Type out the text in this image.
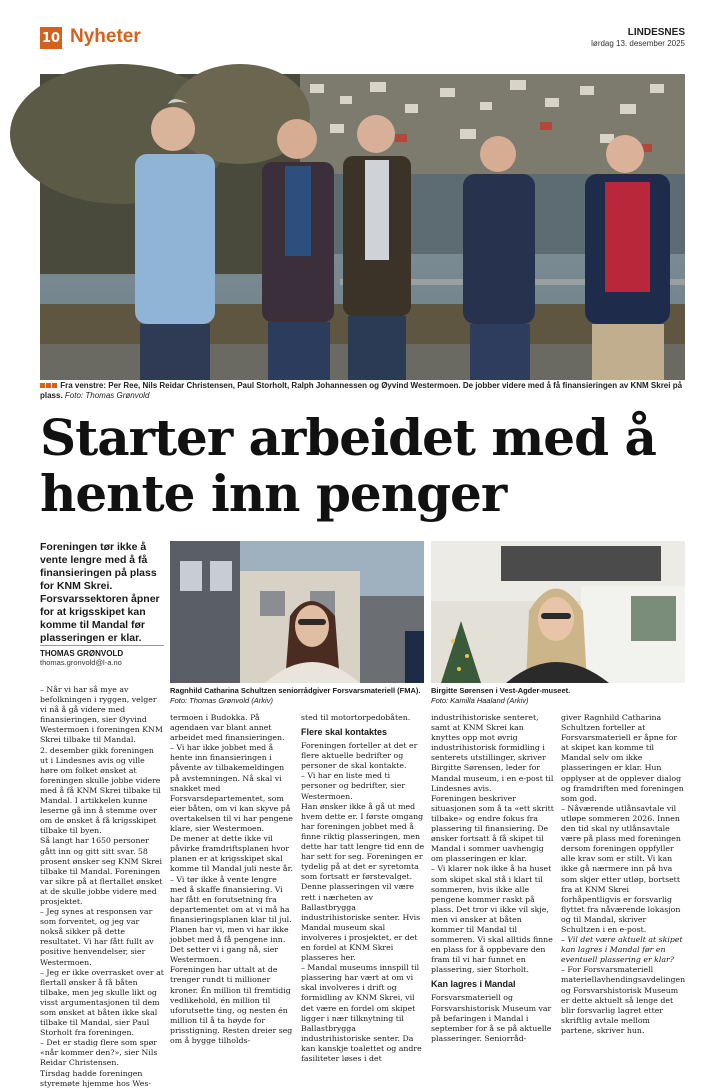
10 Nyheter	LINDESNES
lørdag 13. desember 2025
Fra venstre: Per Ree, Nils Reidar Christensen, Paul Storholt, Ralph Johannessen og Øyvind Westermoen. De jobber videre med å få finansieringen av KNM Skrei på plass. Foto: Thomas Grønvold
Starter arbeidet med å hente inn penger
Foreningen tør ikke å vente lengre med å få finansieringen på plass for KNM Skrei. Forsvarssektoren åpner for at krigsskipet kan komme til Mandal før plasseringen er klar.
THOMAS GRØNVOLD
thomas.gronvold@l-a.no
Ragnhild Catharina Schultzen seniorrådgiver Forsvarsmateriell (FMA). Foto: Thomas Grønvold (Arkiv)
Birgitte Sørensen i Vest-Agder-museet.
Foto: Kamilla Haaland (Arkiv)

– Når vi har så mye av befolkningen i ryggen, velger vi nå å gå videre med finansieringen, sier Øyvind Westermoen i foreningen KNM Skrei tilbake til Mandal.

2. desember gikk foreningen ut i Lindesnes avis og ville høre om folket ønsket at foreningen skulle jobbe videre med å få KNM Skrei tilbake til Mandal. I artikkelen kunne leserne gå inn å stemme over om de ønsket å få krigsskipet tilbake til byen.

Så langt har 1650 personer gått inn og gitt sitt svar. 58 prosent ønsker seg KNM Skrei tilbake til Mandal. Foreningen var sikre på at flertallet ønsket at de skulle jobbe videre med prosjektet.

– Jeg synes at responsen var som forventet, og jeg var nokså sikker på dette resultatet. Vi har fått fullt av positive henvendelser, sier Westermoen.

– Jeg er ikke overrasket over at flertall ønsker å få båten tilbake, men jeg skulle likt og visst argumentasjonen til dem som ønsket at båten ikke skal tilbake til Mandal, sier Paul Storholt fra foreningen.

– Det er stadig flere som spør «når kommer den?», sier Nils Reidar Christensen.

Tirsdag hadde foreningen styremøte hjemme hos Wes-

termoen i Budokka. På agendaen var blant annet arbeidet med finansieringen.

– Vi har ikke jobbet med å hente inn finansieringen i påvente av tilbakemeldingen på avstemningen. Nå skal vi snakket med Forsvarsdepartementet, som eier båten, om vi kan skyve på overtakelsen til vi har pengene klare, sier Westermoen.

De mener at dette ikke vil påvirke framdriftsplanen hvor planen er at krigsskipet skal komme til Mandal juli neste år.

– Vi tør ikke å vente lengre med å skaffe finansiering. Vi har fått en forutsetning fra departementet om at vi må ha finansieringsplanen klar til jul. Planen har vi, men vi har ikke jobbet med å få pengene inn. Det setter vi i gang nå, sier Westermoen.

Foreningen har uttalt at de trenger rundt ti millioner kroner. Én million til fremtidig vedlikehold, én million til uforutsette ting, og nesten én million til å ta høyde for prisstigning. Resten dreier seg om å bygge tilholds-

sted til motortorpedobåten.

Flere skal kontaktes

Foreningen forteller at det er flere aktuelle bedrifter og personer de skal kontakte.

– Vi har en liste med ti personer og bedrifter, sier Westermoen.

Han ønsker ikke å gå ut med hvem dette er. I første omgang har foreningen jobbet med å finne riktig plasseringen, men dette har tatt lengre tid enn de har sett for seg. Foreningen er tydelig på at det er syretomta som fortsatt er førstevalget.

Denne plasseringen vil være rett i nærheten av Ballastbrygga industrihistoriske senter. Hvis Mandal museum skal involveres i prosjektet, er det en fordel at KNM Skrei plasseres her.

– Mandal museums innspill til plassering har vært at om vi skal involveres i drift og formidling av KNM Skrei, vil det være en fordel om skipet ligger i nær tilknytning til Ballastbrygga industrihistoriske senter. Da kan kanskje toalettet og andre fasiliteter løses i det

industrihistoriske senteret, samt at KNM Skrei kan knyttes opp mot øvrig industrihistorisk formidling i senterets utstillinger, skriver Birgitte Sørensen, leder for Mandal museum, i en e-post til Lindesnes avis.

Foreningen beskriver situasjonen som å ta «ett skritt tilbake» og endre fokus fra plassering til finansiering. De ønsker fortsatt å få skipet til Mandal i sommer uavhengig om plasseringen er klar.

– Vi klarer nok ikke å ha huset som skipet skal stå i klart til sommeren, hvis ikke alle pengene kommer raskt på plass. Det tror vi ikke vil skje, men vi ønsker at båten kommer til Mandal til sommeren. Vi skal alltids finne en plass for å oppbevare den fram til vi har funnet en plassering, sier Storholt.

Kan lagres i Mandal

Forsvarsmateriell og Forsvarshistorisk Museum var på befaringen i Mandal i september for å se på aktuelle plasseringer. Seniorråd-

giver Ragnhild Catharina Schultzen forteller at Forsvarsmateriell er åpne for at skipet kan komme til Mandal selv om ikke plasseringen er klar. Hun opplyser at de opplever dialog og framdriften med foreningen som god.

– Nåværende utlånsavtale vil utløpe sommeren 2026. Innen den tid skal ny utlånsavtale være på plass med foreningen dersom foreningen oppfyller alle krav som er stilt. Vi kan ikke gå nærmere inn på hva som skjer etter utløp, bortsett fra at KNM Skrei forhåpentligvis er forsvarlig flyttet fra nåværende lokasjon og til Mandal, skriver Schultzen i en e-post.

– Vil det være aktuelt at skipet kan lagres i Mandal før en eventuell plassering er klar?

– For Forsvarsmateriell materiellavhendingsavdelingen og Forsvarshistorisk Museum er dette aktuelt så lenge det blir forsvarlig lagret etter skriftlig avtale mellom partene, skriver hun.
